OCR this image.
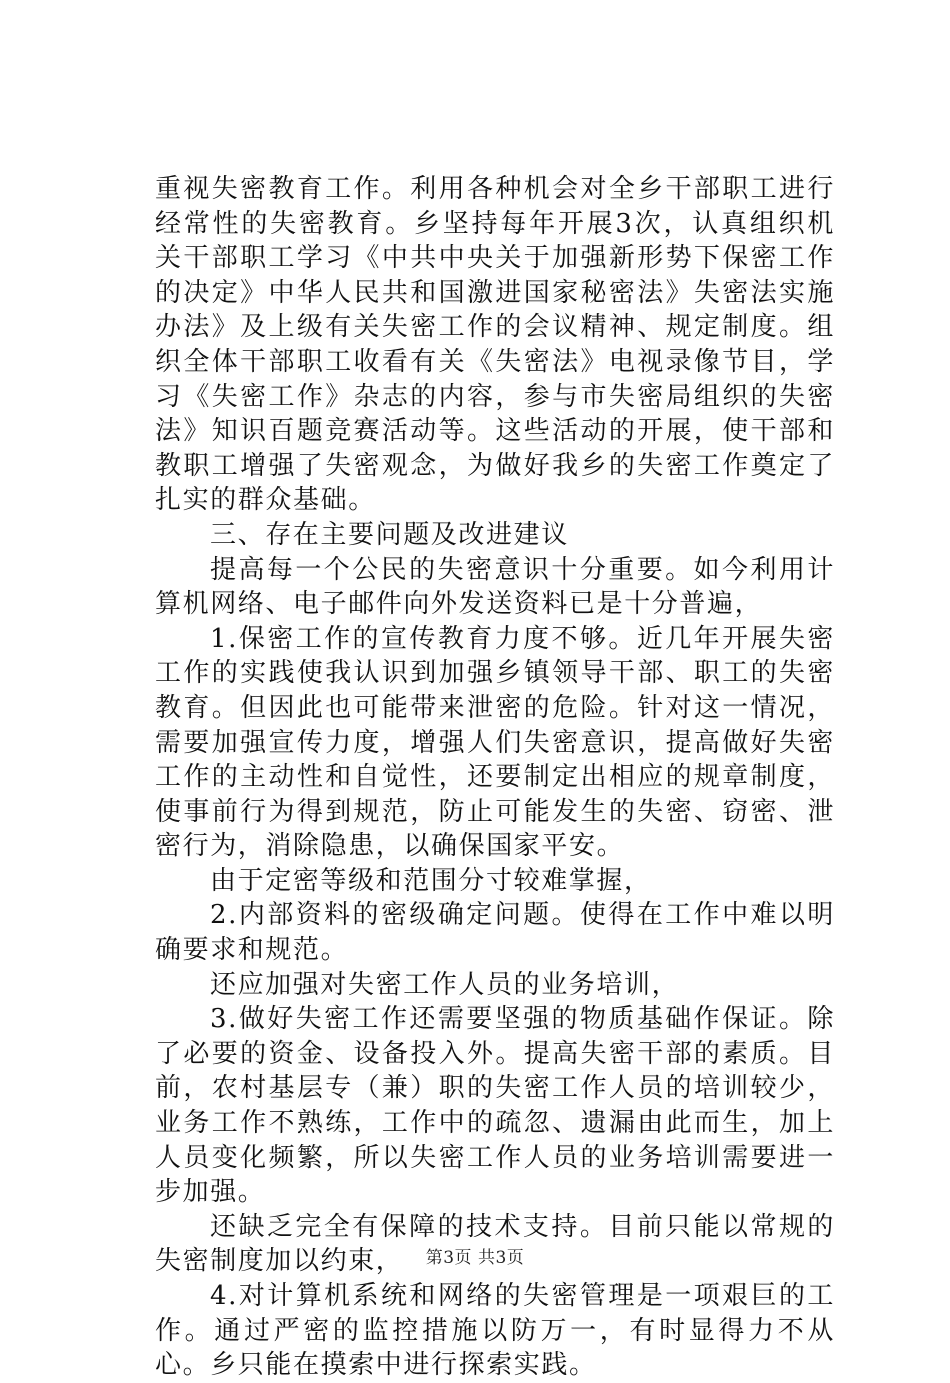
重视失密教育工作。利用各种机会对全乡干部职工进行经常性的失密教育。乡坚持每年开展3次，认真组织机关干部职工学习《中共中央关于加强新形势下保密工作的决定》中华人民共和国激进国家秘密法》失密法实施办法》及上级有关失密工作的会议精神、规定制度。组织全体干部职工收看有关《失密法》电视录像节目，学习《失密工作》杂志的内容，参与市失密局组织的失密法》知识百题竞赛活动等。这些活动的开展，使干部和教职工增强了失密观念，为做好我乡的失密工作奠定了扎实的群众基础。

三、存在主要问题及改进建议

提高每一个公民的失密意识十分重要。如今利用计算机网络、电子邮件向外发送资料已是十分普遍，

1.保密工作的宣传教育力度不够。近几年开展失密工作的实践使我认识到加强乡镇领导干部、职工的失密教育。但因此也可能带来泄密的危险。针对这一情况，需要加强宣传力度，增强人们失密意识，提高做好失密工作的主动性和自觉性，还要制定出相应的规章制度，使事前行为得到规范，防止可能发生的失密、窃密、泄密行为，消除隐患，以确保国家平安。

由于定密等级和范围分寸较难掌握，

2.内部资料的密级确定问题。使得在工作中难以明确要求和规范。

还应加强对失密工作人员的业务培训，

3.做好失密工作还需要坚强的物质基础作保证。除了必要的资金、设备投入外。提高失密干部的素质。目前，农村基层专（兼）职的失密工作人员的培训较少，业务工作不熟练，工作中的疏忽、遗漏由此而生，加上人员变化频繁，所以失密工作人员的业务培训需要进一步加强。

还缺乏完全有保障的技术支持。目前只能以常规的失密制度加以约束，

4.对计算机系统和网络的失密管理是一项艰巨的工作。通过严密的监控措施以防万一，有时显得力不从心。乡只能在摸索中进行探索实践。

第3页 共3页
